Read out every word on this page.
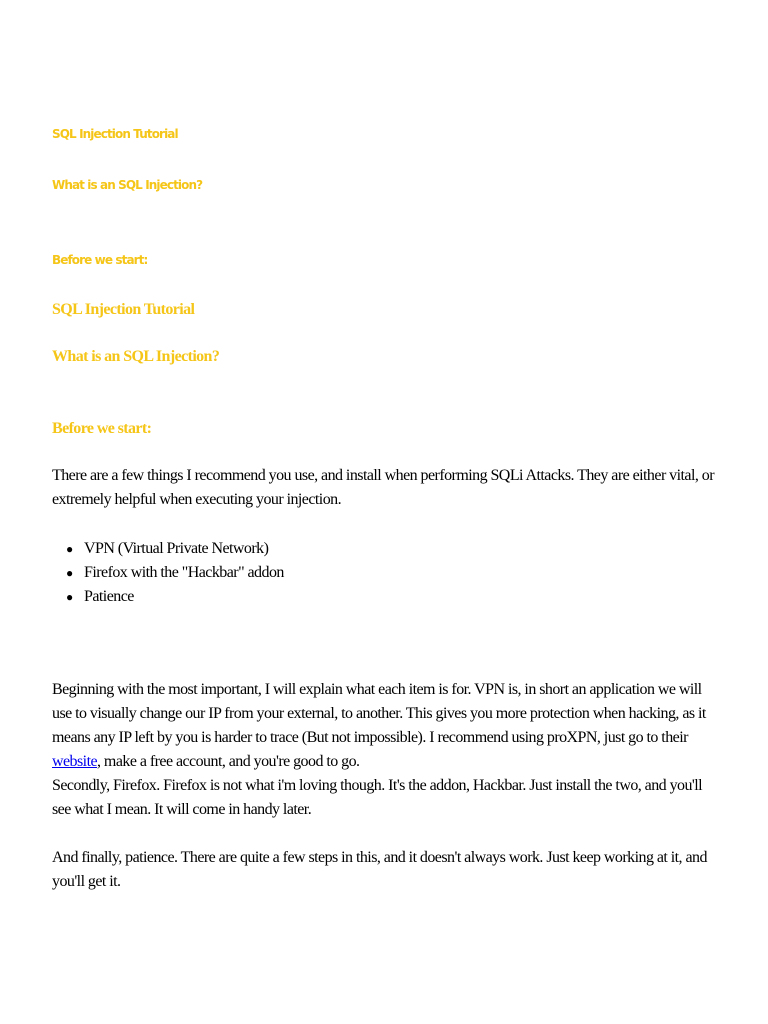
SQL Injection Tutorial
What is an SQL Injection?
Before we start:
SQL Injection Tutorial
What is an SQL Injection?
Before we start:

There are a few things I recommend you use, and install when performing SQLi Attacks. They are either vital, or extremely helpful when executing your injection.

● VPN (Virtual Private Network)
● Firefox with the "Hackbar" addon
● Patience

Beginning with the most important, I will explain what each item is for. VPN is, in short an application we will use to visually change our IP from your external, to another. This gives you more protection when hacking, as it means any IP left by you is harder to trace (But not impossible). I recommend using proXPN, just go to their website, make a free account, and you're good to go.

Secondly, Firefox. Firefox is not what i'm loving though. It's the addon, Hackbar. Just install the two, and you'll see what I mean. It will come in handy later.

And finally, patience. There are quite a few steps in this, and it doesn't always work. Just keep working at it, and you'll get it.
